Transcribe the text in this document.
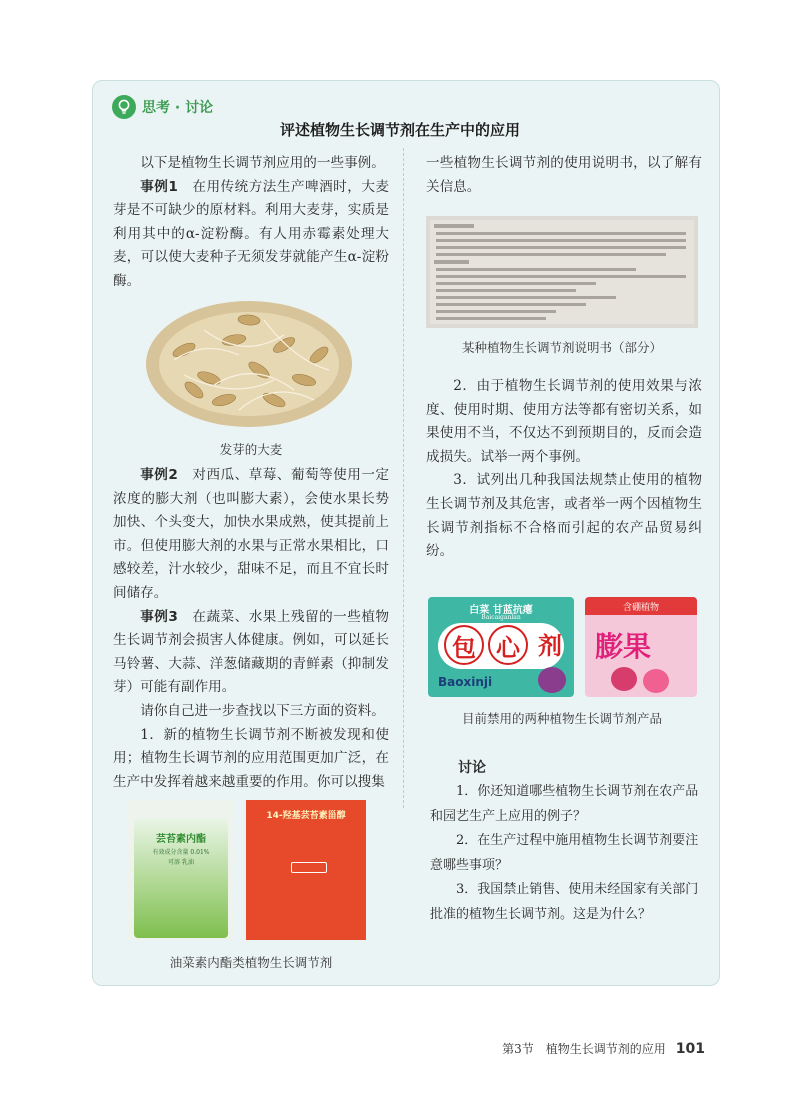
思考 · 讨论
评述植物生长调节剂在生产中的应用

以下是植物生长调节剂应用的一些事例。

事例1　 在用传统方法生产啤酒时，大麦芽是不可缺少的原材料。利用大麦芽，实质是利用其中的α-淀粉酶。有人用赤霉素处理大麦，可以使大麦种子无须发芽就能产生α-淀粉酶。

发芽的大麦

事例2　 对西瓜、草莓、葡萄等使用一定浓度的膨大剂（也叫膨大素），会使水果长势加快、个头变大，加快水果成熟，使其提前上市。但使用膨大剂的水果与正常水果相比，口感较差，汁水较少，甜味不足，而且不宜长时间储存。

事例3　 在蔬菜、水果上残留的一些植物生长调节剂会损害人体健康。例如，可以延长马铃薯、大蒜、洋葱储藏期的青鲜素（抑制发芽）可能有副作用。

请你自己进一步查找以下三方面的资料。

1．新的植物生长调节剂不断被发现和使用；植物生长调节剂的应用范围更加广泛，在生产中发挥着越来越重要的作用。你可以搜集

芸苔素内酯
有效成分含量 0.01%
可溶 乳油
14-羟基芸苔素甾醇
油菜素内酯类植物生长调节剂

一些植物生长调节剂的使用说明书，以了解有关信息。

某种植物生长调节剂说明书（部分）

2．由于植物生长调节剂的使用效果与浓度、使用时期、使用方法等都有密切关系，如果使用不当，不仅达不到预期目的，反而会造成损失。试举一两个事例。

3．试列出几种我国法规禁止使用的植物生长调节剂及其危害，或者举一两个因植物生长调节剂指标不合格而引起的农产品贸易纠纷。

白菜 甘蓝抗瘪
Baicaiganlan
包 心 剂
Baoxinji
含硼植物
膨果
目前禁用的两种植物生长调节剂产品
讨论

1．你还知道哪些植物生长调节剂在农产品和园艺生产上应用的例子？

2．在生产过程中施用植物生长调节剂要注意哪些事项？

3．我国禁止销售、使用未经国家有关部门批准的植物生长调节剂。这是为什么？

第3节　植物生长调节剂的应用 101
